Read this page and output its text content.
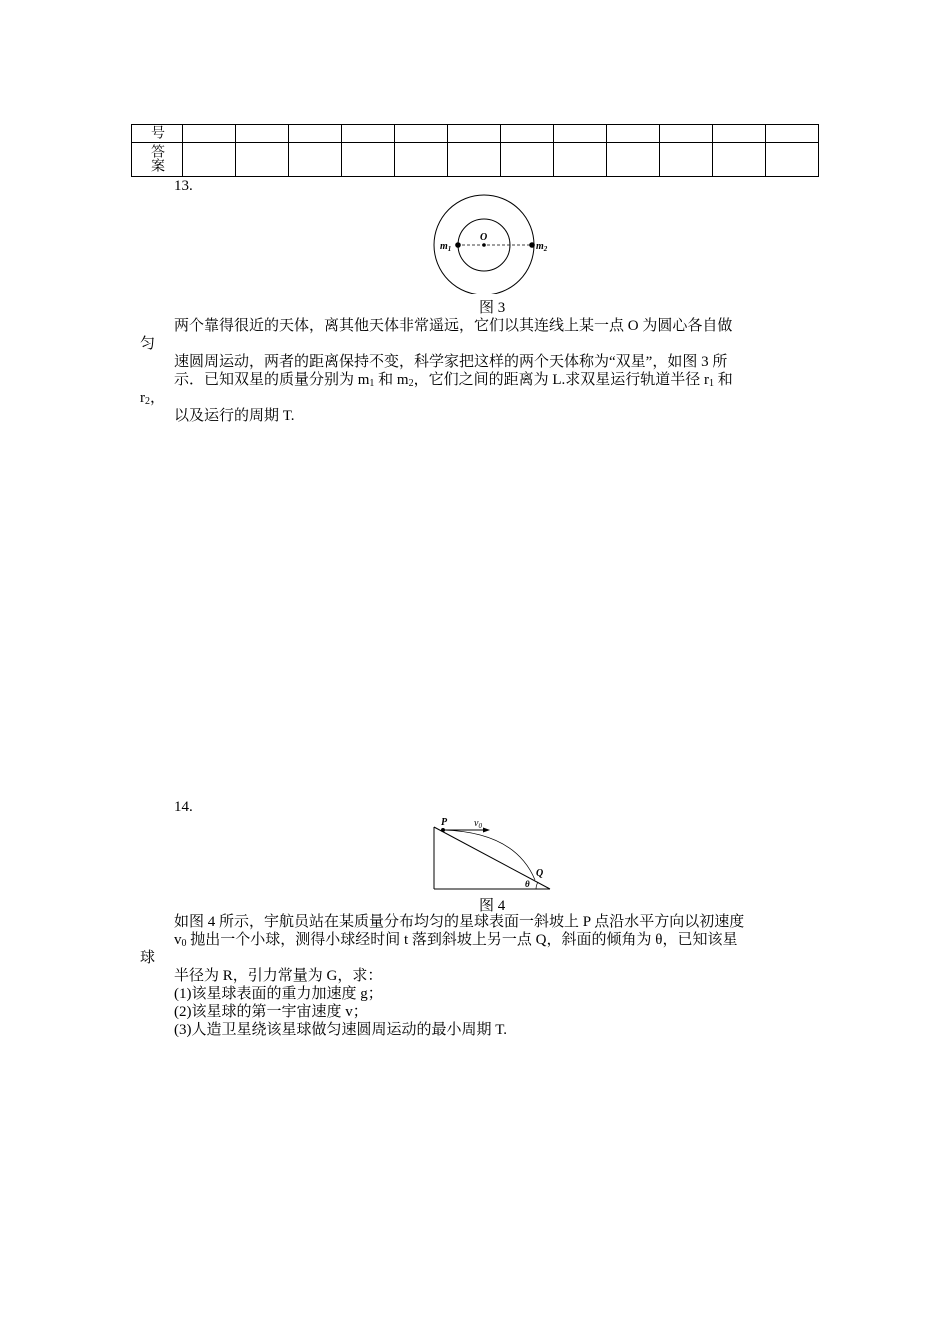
号												
答案												
13.
O
$m_1$	$m_2$
图 3
两个靠得很近的天体，离其他天体非常遥远，它们以其连线上某一点 O 为圆心各自做
匀
速圆周运动，两者的距离保持不变，科学家把这样的两个天体称为“双星”，如图 3 所
示．已知双星的质量分别为 $m_1$ 和 $m_2$，它们之间的距离为 L.求双星运行轨道半径 $r_1$ 和
$r_2$，
以及运行的周期 T.
14.
P	$v_0$
Q
θ
图 4
如图 4 所示，宇航员站在某质量分布均匀的星球表面一斜坡上 P 点沿水平方向以初速度
$v_0$ 抛出一个小球，测得小球经时间 t 落到斜坡上另一点 Q，斜面的倾角为 θ，已知该星
球
半径为 R，引力常量为 G，求：
(1)该星球表面的重力加速度 g；
(2)该星球的第一宇宙速度 v；
(3)人造卫星绕该星球做匀速圆周运动的最小周期 T.
